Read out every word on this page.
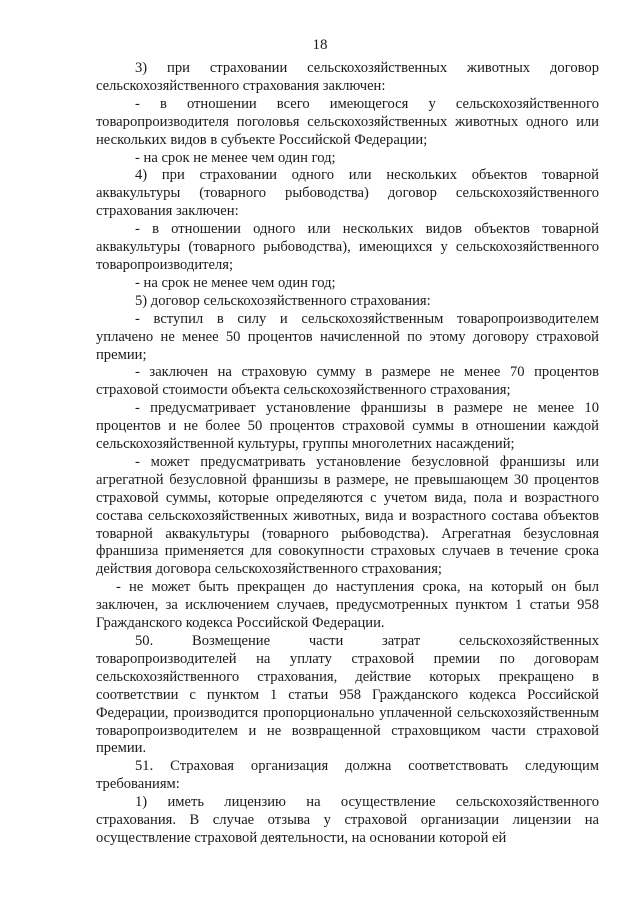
18

3) при страховании сельскохозяйственных животных договор сельскохозяйственного страхования заключен:

- в отношении всего имеющегося у сельскохозяйственного товаропроизводителя поголовья сельскохозяйственных животных одного или нескольких видов в субъекте Российской Федерации;

- на срок не менее чем один год;

4) при страховании одного или нескольких объектов товарной аквакультуры (товарного рыбоводства) договор сельскохозяйственного страхования заключен:

- в отношении одного или нескольких видов объектов товарной аквакультуры (товарного рыбоводства), имеющихся у сельскохозяйственного товаропроизводителя;

- на срок не менее чем один год;

5) договор сельскохозяйственного страхования:

- вступил в силу и сельскохозяйственным товаропроизводителем уплачено не менее 50 процентов начисленной по этому договору страховой премии;

- заключен на страховую сумму в размере не менее 70 процентов страховой стоимости объекта сельскохозяйственного страхования;

- предусматривает установление франшизы в размере не менее 10 процентов и не более 50 процентов страховой суммы в отношении каждой сельскохозяйственной культуры, группы многолетних насаждений;

- может предусматривать установление безусловной франшизы или агрегатной безусловной франшизы в размере, не превышающем 30 процентов страховой суммы, которые определяются с учетом вида, пола и возрастного состава сельскохозяйственных животных, вида и возрастного состава объектов товарной аквакультуры (товарного рыбоводства). Агрегатная безусловная франшиза применяется для совокупности страховых случаев в течение срока действия договора сельскохозяйственного страхования;

- не может быть прекращен до наступления срока, на который он был заключен, за исключением случаев, предусмотренных пунктом 1 статьи 958 Гражданского кодекса Российской Федерации.

50. Возмещение части затрат сельскохозяйственных товаропроизводителей на уплату страховой премии по договорам сельскохозяйственного страхования, действие которых прекращено в соответствии с пунктом 1 статьи 958 Гражданского кодекса Российской Федерации, производится пропорционально уплаченной сельскохозяйственным товаропроизводителем и не возвращенной страховщиком части страховой премии.

51. Страховая организация должна соответствовать следующим требованиям:

1) иметь лицензию на осуществление сельскохозяйственного страхования. В случае отзыва у страховой организации лицензии на осуществление страховой деятельности, на основании которой ей
